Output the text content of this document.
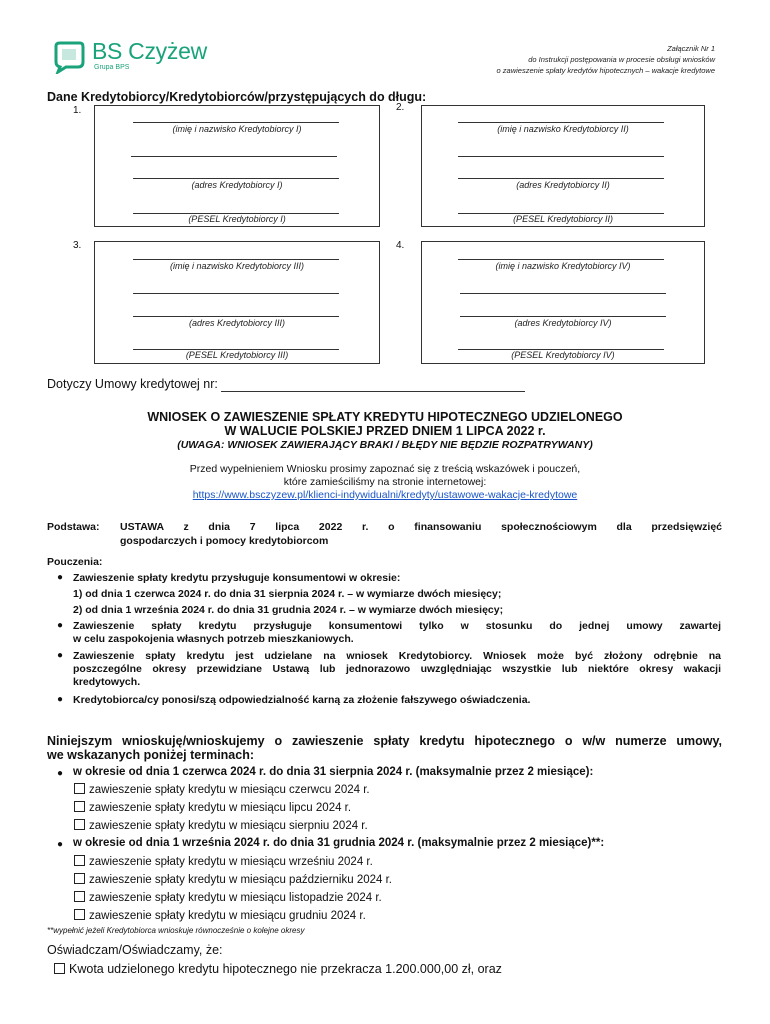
BS Czyżew
Grupa BPS
Załącznik Nr 1
do Instrukcji postępowania w procesie obsługi wniosków
o zawieszenie spłaty kredytów hipotecznych – wakacje kredytowe
Dane Kredytobiorcy/Kredytobiorców/przystępujących do długu:
1.
(imię i nazwisko Kredytobiorcy I)
(adres Kredytobiorcy I)
(PESEL Kredytobiorcy I)
2.
(imię i nazwisko Kredytobiorcy II)
(adres Kredytobiorcy II)
(PESEL Kredytobiorcy II)
3.
(imię i nazwisko Kredytobiorcy III)
(adres Kredytobiorcy III)
(PESEL Kredytobiorcy III)
4.
(imię i nazwisko Kredytobiorcy IV)
(adres Kredytobiorcy IV)
(PESEL Kredytobiorcy IV)
Dotyczy Umowy kredytowej nr:
WNIOSEK O ZAWIESZENIE SPŁATY KREDYTU HIPOTECZNEGO UDZIELONEGO
W WALUCIE POLSKIEJ PRZED DNIEM 1 LIPCA 2022 r.
(UWAGA: WNIOSEK ZAWIERAJĄCY BRAKI / BŁĘDY NIE BĘDZIE ROZPATRYWANY)
Przed wypełnieniem Wniosku prosimy zapoznać się z treścią wskazówek i pouczeń,
które zamieściliśmy na stronie internetowej:
https://www.bsczyzew.pl/klienci-indywidualni/kredyty/ustawowe-wakacje-kredytowe
Podstawa: USTAWA z dnia 7 lipca 2022 r. o finansowaniu społecznościowym dla przedsięwzięć
gospodarczych i pomocy kredytobiorcom
Pouczenia:
● Zawieszenie spłaty kredytu przysługuje konsumentowi w okresie:
1) od dnia 1 czerwca 2024 r. do dnia 31 sierpnia 2024 r. – w wymiarze dwóch miesięcy;
2) od dnia 1 września 2024 r. do dnia 31 grudnia 2024 r. – w wymiarze dwóch miesięcy;
● Zawieszenie spłaty kredytu przysługuje konsumentowi tylko w stosunku do jednej umowy zawartej
w celu zaspokojenia własnych potrzeb mieszkaniowych.
● Zawieszenie spłaty kredytu jest udzielane na wniosek Kredytobiorcy. Wniosek może być złożony odrębnie na
poszczególne okresy przewidziane Ustawą lub jednorazowo uwzględniając wszystkie lub niektóre okresy wakacji
kredytowych.
● Kredytobiorca/cy ponosi/szą odpowiedzialność karną za złożenie fałszywego oświadczenia.
Niniejszym wnioskuję/wnioskujemy o zawieszenie spłaty kredytu hipotecznego o w/w numerze umowy,
we wskazanych poniżej terminach:
● w okresie od dnia 1 czerwca 2024 r. do dnia 31 sierpnia 2024 r. (maksymalnie przez 2 miesiące):
zawieszenie spłaty kredytu w miesiącu czerwcu 2024 r.
zawieszenie spłaty kredytu w miesiącu lipcu 2024 r.
zawieszenie spłaty kredytu w miesiącu sierpniu 2024 r.
● w okresie od dnia 1 września 2024 r. do dnia 31 grudnia 2024 r. (maksymalnie przez 2 miesiące)**:
zawieszenie spłaty kredytu w miesiącu wrześniu 2024 r.
zawieszenie spłaty kredytu w miesiącu październiku 2024 r.
zawieszenie spłaty kredytu w miesiącu listopadzie 2024 r.
zawieszenie spłaty kredytu w miesiącu grudniu 2024 r.
**wypełnić jeżeli Kredytobiorca wnioskuje równocześnie o kolejne okresy
Oświadczam/Oświadczamy, że:
Kwota udzielonego kredytu hipotecznego nie przekracza 1.200.000,00 zł, oraz
